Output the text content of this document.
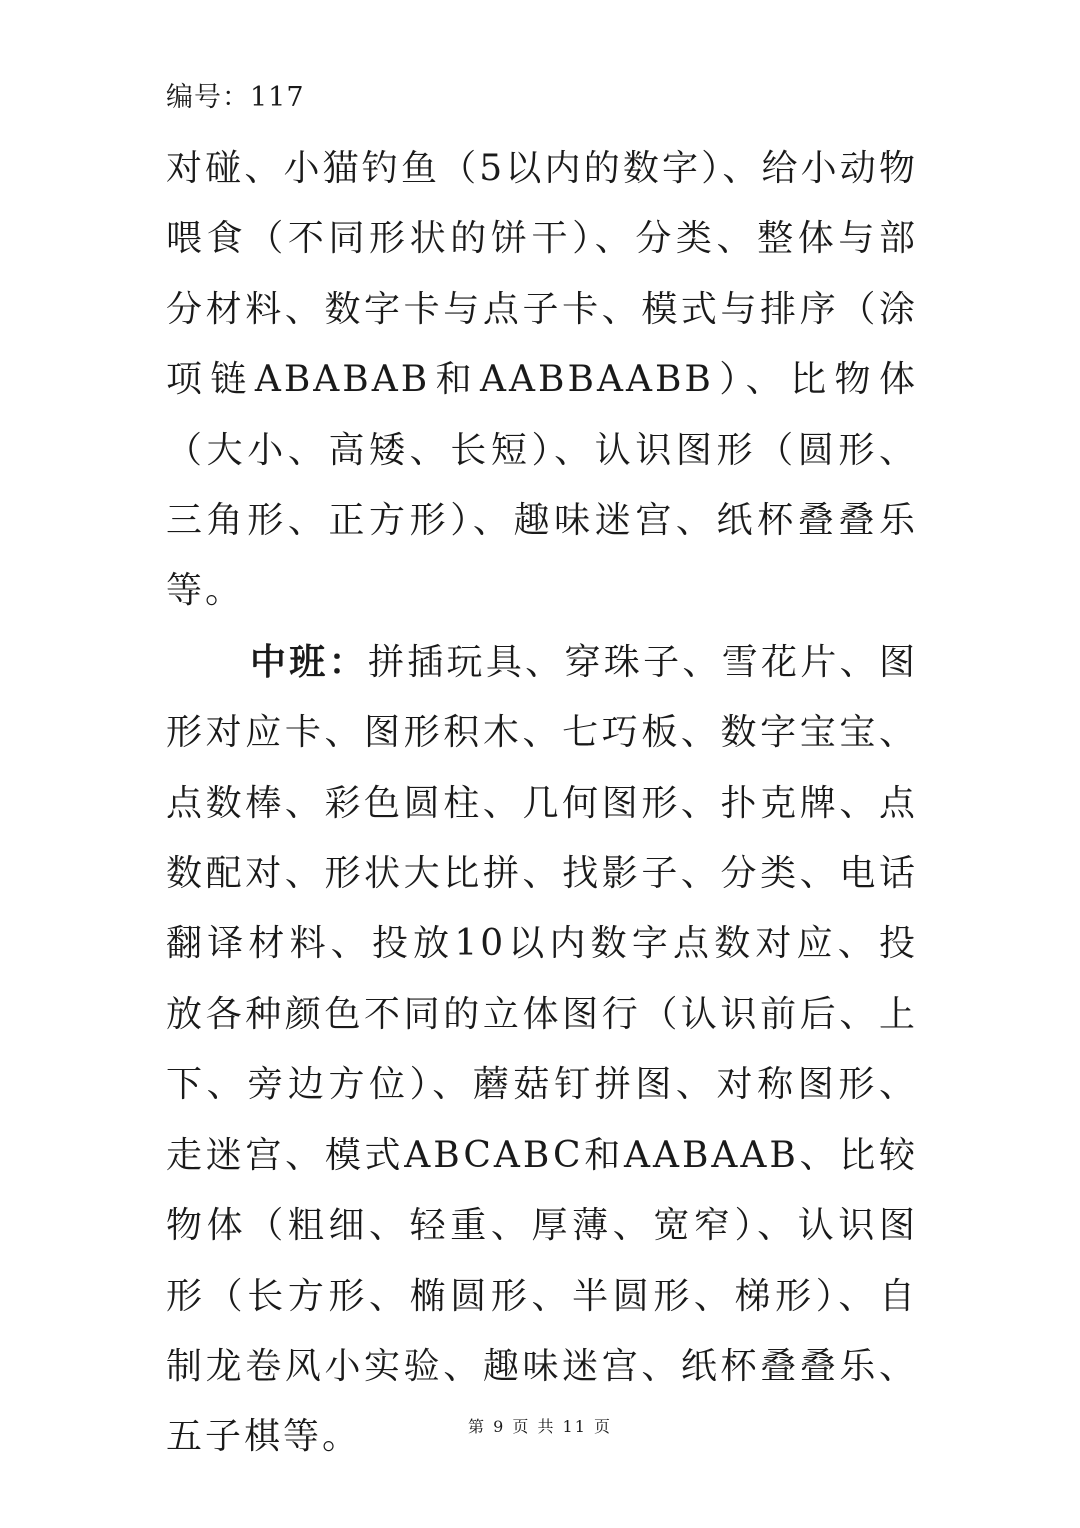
编号：117

对碰、小猫钓鱼（5以内的数字）、给小动物喂食（不同形状的饼干）、分类、整体与部分材料、数字卡与点子卡、模式与排序（涂项链ABABAB和AABBAABB）、比物体（大小、高矮、长短）、认识图形（圆形、三角形、正方形）、趣味迷宫、纸杯叠叠乐等。

中班：拼插玩具、穿珠子、雪花片、图形对应卡、图形积木、七巧板、数字宝宝、点数棒、彩色圆柱、几何图形、扑克牌、点数配对、形状大比拼、找影子、分类、电话翻译材料、投放10以内数字点数对应、投放各种颜色不同的立体图行（认识前后、上下、旁边方位）、蘑菇钉拼图、对称图形、走迷宫、模式ABCABC和AABAAB、比较物体（粗细、轻重、厚薄、宽窄）、认识图形（长方形、椭圆形、半圆形、梯形）、自制龙卷风小实验、趣味迷宫、纸杯叠叠乐、五子棋等。	第 9 页 共 11 页
